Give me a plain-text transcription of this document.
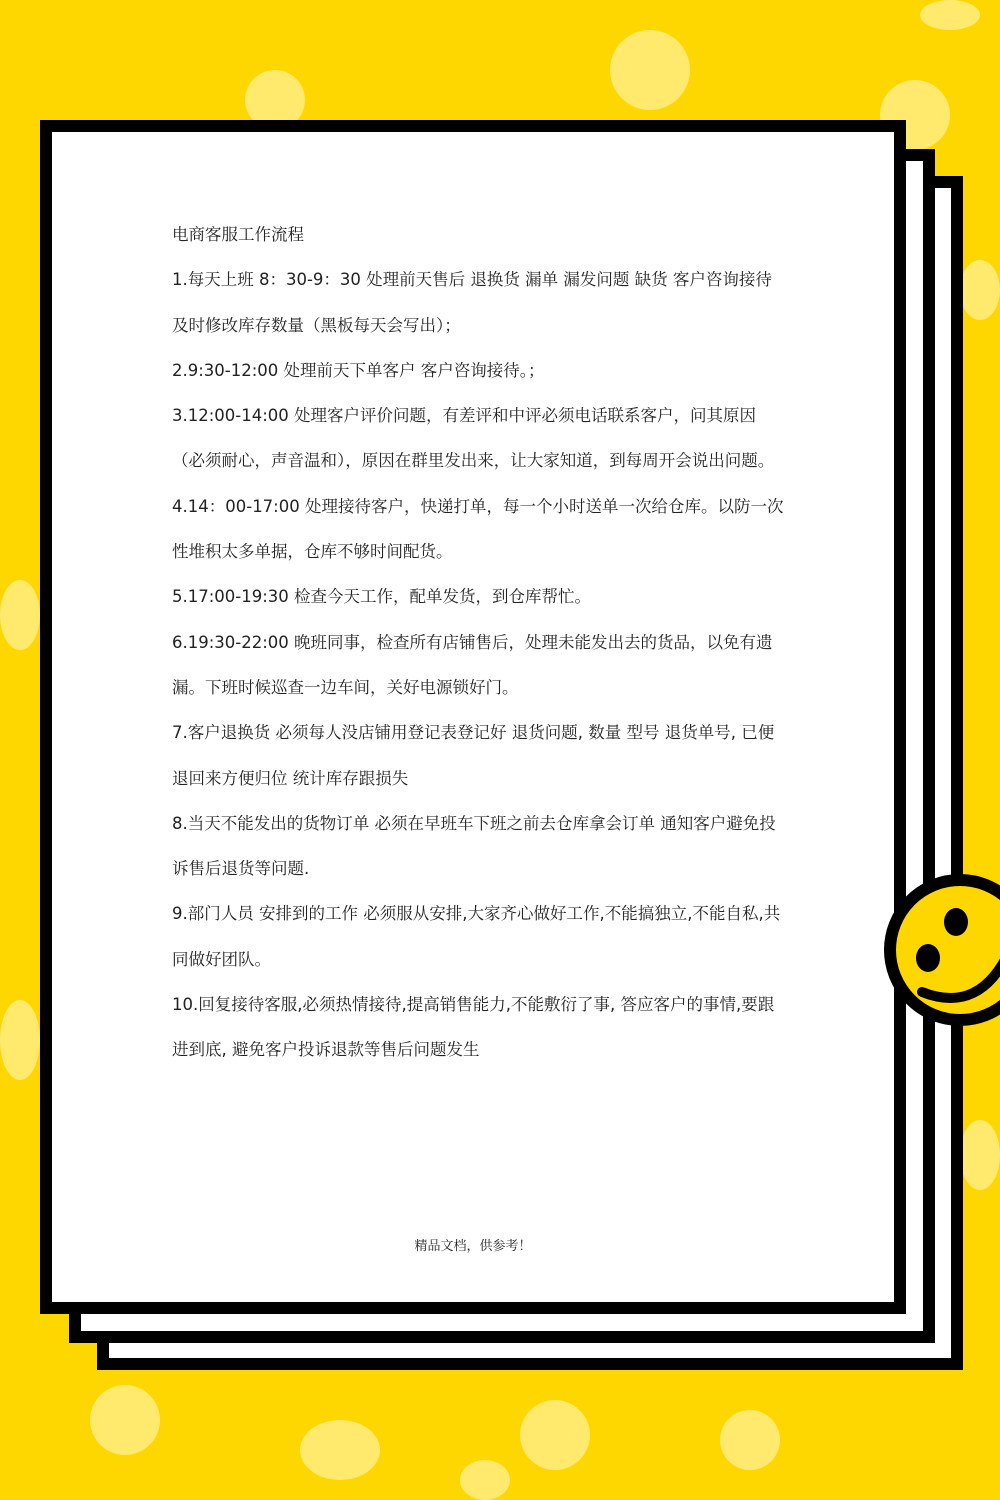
电商客服工作流程

1.每天上班 8：30-9：30 处理前天售后 退换货 漏单 漏发问题 缺货 客户咨询接待 及时修改库存数量（黑板每天会写出）；

2.9:30-12:00 处理前天下单客户 客户咨询接待。；

3.12:00-14:00 处理客户评价问题，有差评和中评必须电话联系客户，问其原因（必须耐心，声音温和），原因在群里发出来，让大家知道，到每周开会说出问题。

4.14：00-17:00 处理接待客户，快递打单，每一个小时送单一次给仓库。以防一次性堆积太多单据，仓库不够时间配货。

5.17:00-19:30 检查今天工作，配单发货，到仓库帮忙。

6.19:30-22:00 晚班同事，检查所有店铺售后，处理未能发出去的货品，以免有遗漏。下班时候巡查一边车间，关好电源锁好门。

7.客户退换货 必须每人没店铺用登记表登记好 退货问题, 数量 型号 退货单号, 已便退回来方便归位 统计库存跟损失

8.当天不能发出的货物订单 必须在早班车下班之前去仓库拿会订单 通知客户避免投诉售后退货等问题.

9.部门人员 安排到的工作 必须服从安排,大家齐心做好工作,不能搞独立,不能自私,共同做好团队。

10.回复接待客服,必须热情接待,提高销售能力,不能敷衍了事, 答应客户的事情,要跟进到底, 避免客户投诉退款等售后问题发生

精品文档，供参考！
